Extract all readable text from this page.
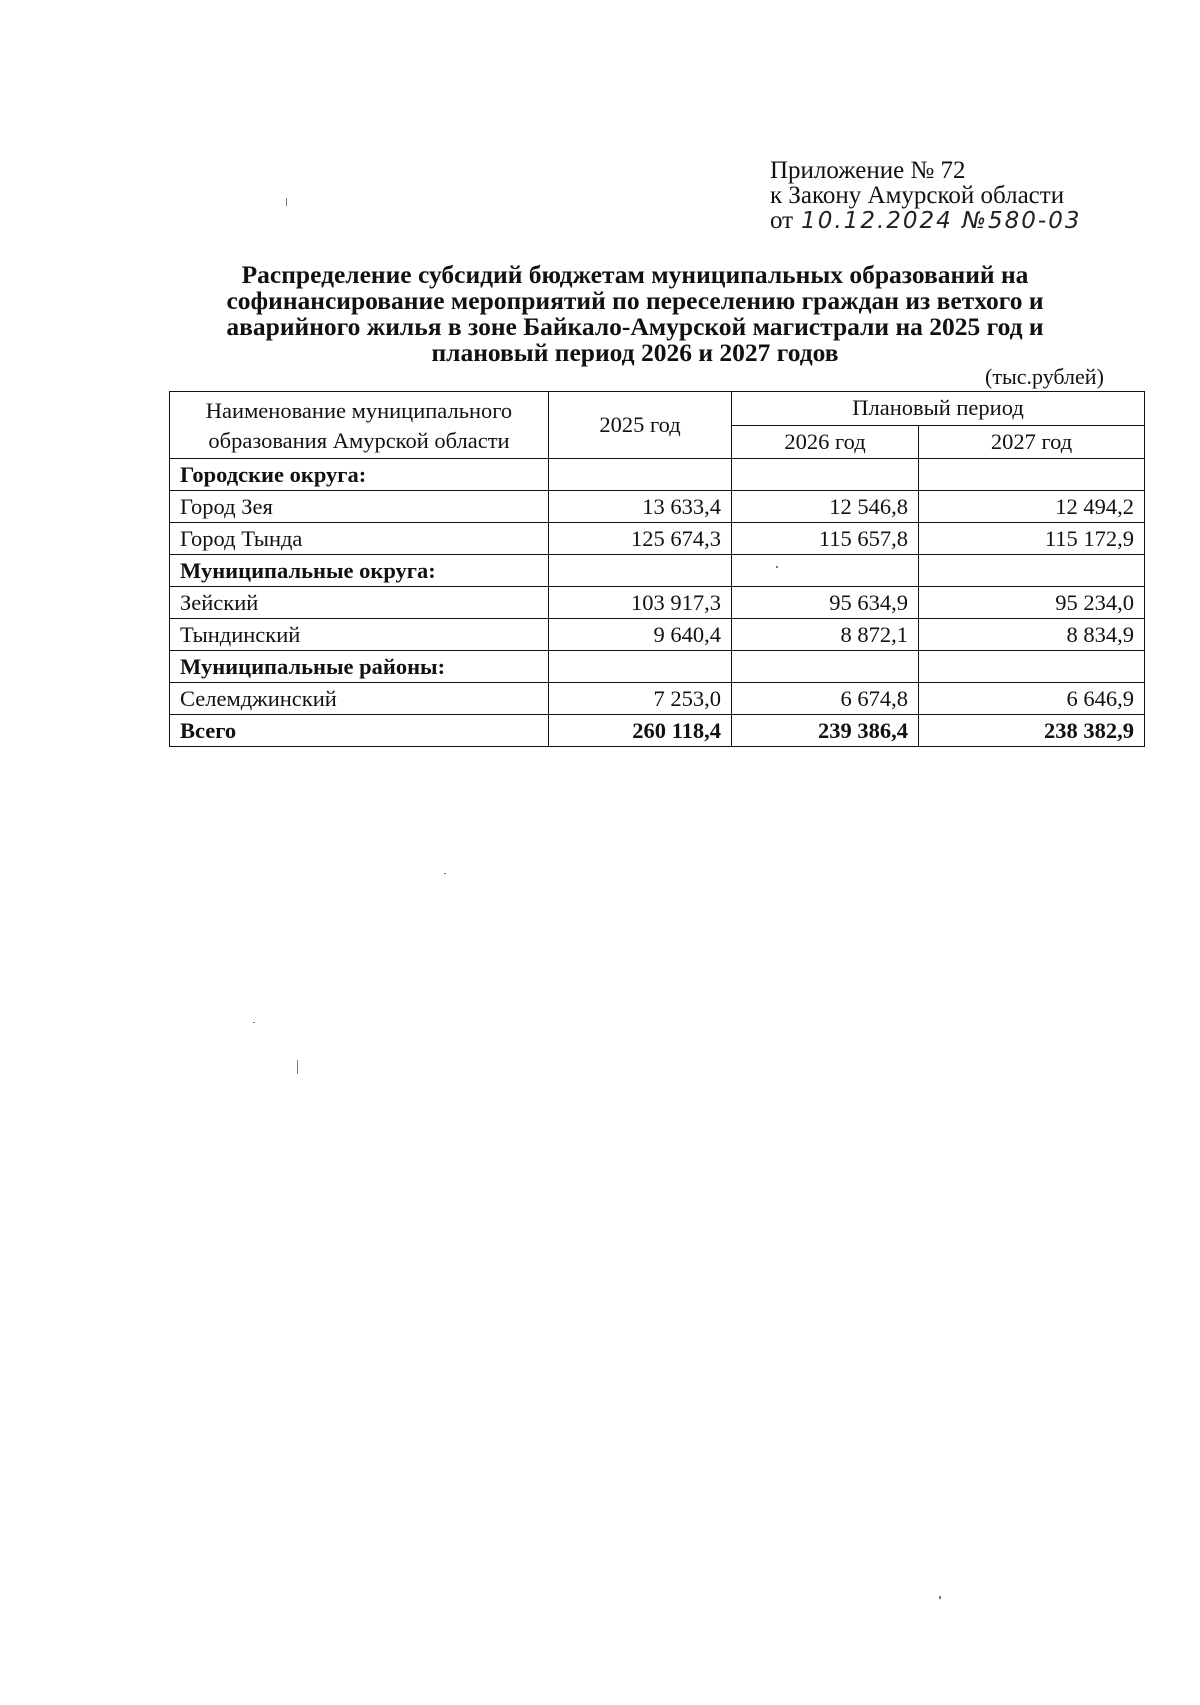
Приложение № 72
к Закону Амурской области
от 10.12.2024 №580-03
Распределение субсидий бюджетам муниципальных образований на
софинансирование мероприятий по переселению граждан из ветхого и
аварийного жилья в зоне Байкало-Амурской магистрали на 2025 год и
плановый период 2026 и 2027 годов
(тыс.рублей)
Наименование муниципального образования Амурской области	2025 год	Плановый период	
		2026 год	2027 год
Городские округа:			
Город Зея	13 633,4	12 546,8	12 494,2
Город Тында	125 674,3	115 657,8	115 172,9
Муниципальные округа:			
Зейский	103 917,3	95 634,9	95 234,0
Тындинский	9 640,4	8 872,1	8 834,9
Муниципальные районы:			
Селемджинский	7 253,0	6 674,8	6 646,9
Всего	260 118,4	239 386,4	238 382,9
